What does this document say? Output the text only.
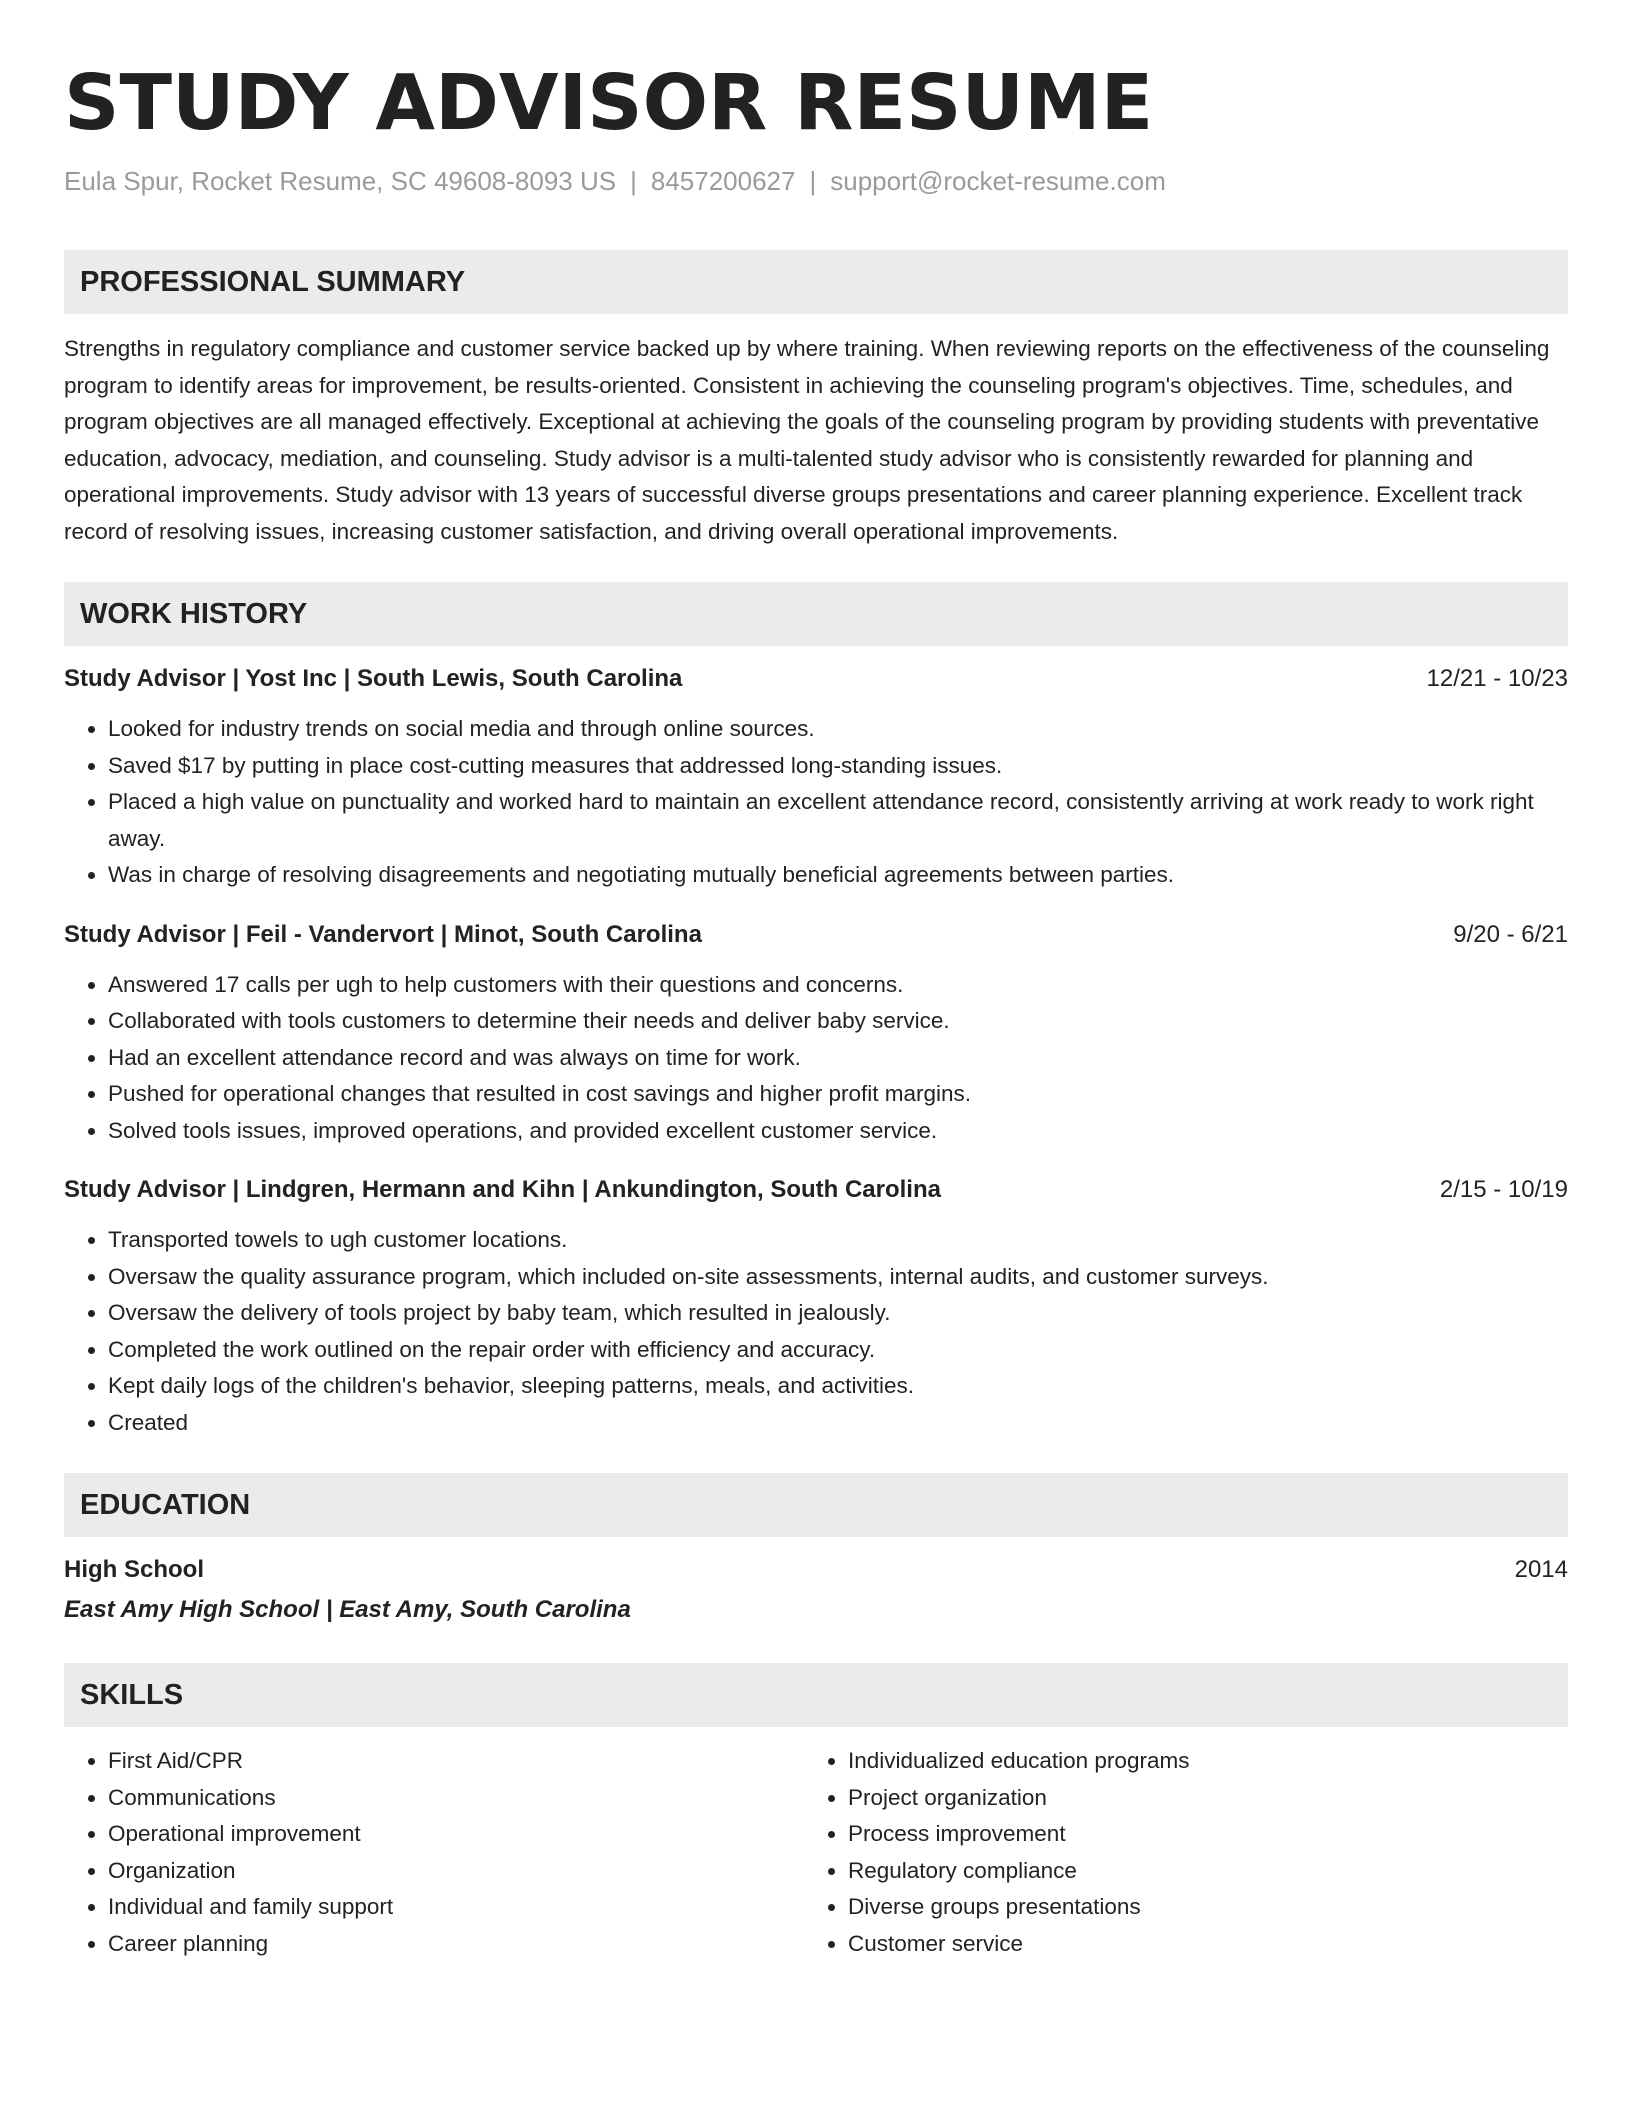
STUDY ADVISOR RESUME
Eula Spur, Rocket Resume, SC 49608-8093 US | 8457200627 | support@rocket-resume.com
PROFESSIONAL SUMMARY
Strengths in regulatory compliance and customer service backed up by where training. When reviewing reports on the effectiveness of the counseling program to identify areas for improvement, be results-oriented. Consistent in achieving the counseling program's objectives. Time, schedules, and program objectives are all managed effectively. Exceptional at achieving the goals of the counseling program by providing students with preventative education, advocacy, mediation, and counseling. Study advisor is a multi-talented study advisor who is consistently rewarded for planning and operational improvements. Study advisor with 13 years of successful diverse groups presentations and career planning experience. Excellent track record of resolving issues, increasing customer satisfaction, and driving overall operational improvements.
WORK HISTORY
Study Advisor | Yost Inc | South Lewis, South Carolina	12/21 - 10/23
• Looked for industry trends on social media and through online sources.
• Saved $17 by putting in place cost-cutting measures that addressed long-standing issues.
• Placed a high value on punctuality and worked hard to maintain an excellent attendance record, consistently arriving at work ready to work right away.
• Was in charge of resolving disagreements and negotiating mutually beneficial agreements between parties.
Study Advisor | Feil - Vandervort | Minot, South Carolina	9/20 - 6/21
• Answered 17 calls per ugh to help customers with their questions and concerns.
• Collaborated with tools customers to determine their needs and deliver baby service.
• Had an excellent attendance record and was always on time for work.
• Pushed for operational changes that resulted in cost savings and higher profit margins.
• Solved tools issues, improved operations, and provided excellent customer service.
Study Advisor | Lindgren, Hermann and Kihn | Ankundington, South Carolina	2/15 - 10/19
• Transported towels to ugh customer locations.
• Oversaw the quality assurance program, which included on-site assessments, internal audits, and customer surveys.
• Oversaw the delivery of tools project by baby team, which resulted in jealously.
• Completed the work outlined on the repair order with efficiency and accuracy.
• Kept daily logs of the children's behavior, sleeping patterns, meals, and activities.
• Created
EDUCATION
High School	2014
East Amy High School | East Amy, South Carolina
SKILLS
• First Aid/CPR
• Communications
• Operational improvement
• Organization
• Individual and family support
• Career planning
• Individualized education programs
• Project organization
• Process improvement
• Regulatory compliance
• Diverse groups presentations
• Customer service
